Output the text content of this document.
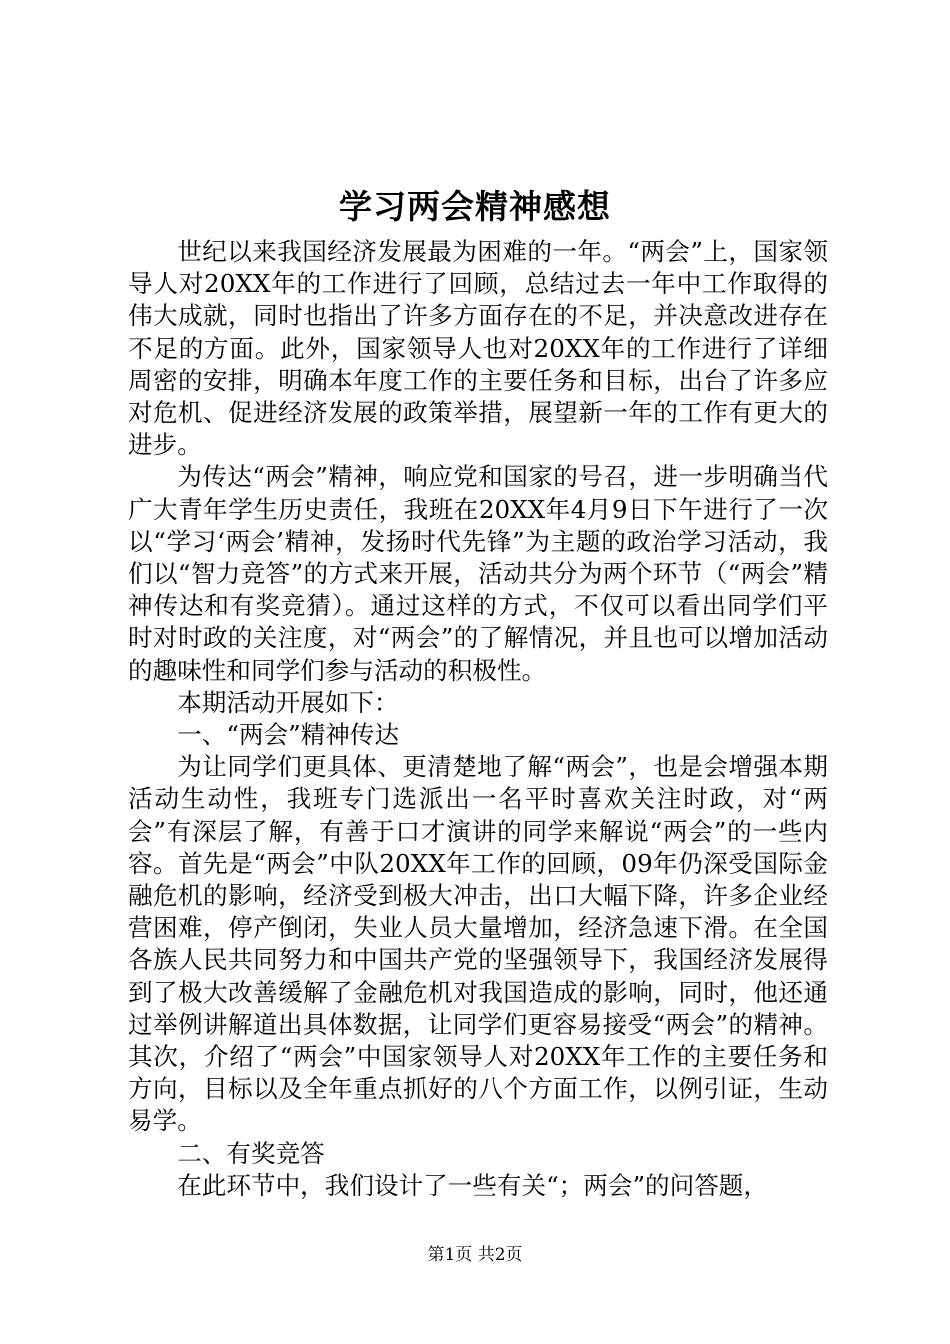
学习两会精神感想

世纪以来我国经济发展最为困难的一年。“两会”上，国家领导人对20XX年的工作进行了回顾，总结过去一年中工作取得的伟大成就，同时也指出了许多方面存在的不足，并决意改进存在不足的方面。此外，国家领导人也对20XX年的工作进行了详细周密的安排，明确本年度工作的主要任务和目标，出台了许多应对危机、促进经济发展的政策举措，展望新一年的工作有更大的进步。

为传达“两会”精神，响应党和国家的号召，进一步明确当代广大青年学生历史责任，我班在20XX年4月9日下午进行了一次以“学习‘两会’精神，发扬时代先锋”为主题的政治学习活动，我们以“智力竞答”的方式来开展，活动共分为两个环节（“两会”精神传达和有奖竞猜）。通过这样的方式，不仅可以看出同学们平时对时政的关注度，对“两会”的了解情况，并且也可以增加活动的趣味性和同学们参与活动的积极性。

本期活动开展如下：

一、“两会”精神传达

为让同学们更具体、更清楚地了解“两会”，也是会增强本期活动生动性，我班专门选派出一名平时喜欢关注时政，对“两会”有深层了解，有善于口才演讲的同学来解说“两会”的一些内容。首先是“两会”中队20XX年工作的回顾，09年仍深受国际金融危机的影响，经济受到极大冲击，出口大幅下降，许多企业经营困难，停产倒闭，失业人员大量增加，经济急速下滑。在全国各族人民共同努力和中国共产党的坚强领导下，我国经济发展得到了极大改善缓解了金融危机对我国造成的影响，同时，他还通过举例讲解道出具体数据，让同学们更容易接受“两会”的精神。其次，介绍了“两会”中国家领导人对20XX年工作的主要任务和方向，目标以及全年重点抓好的八个方面工作，以例引证，生动易学。

二、有奖竞答

在此环节中，我们设计了一些有关“；两会”的问答题，

第1页 共2页
